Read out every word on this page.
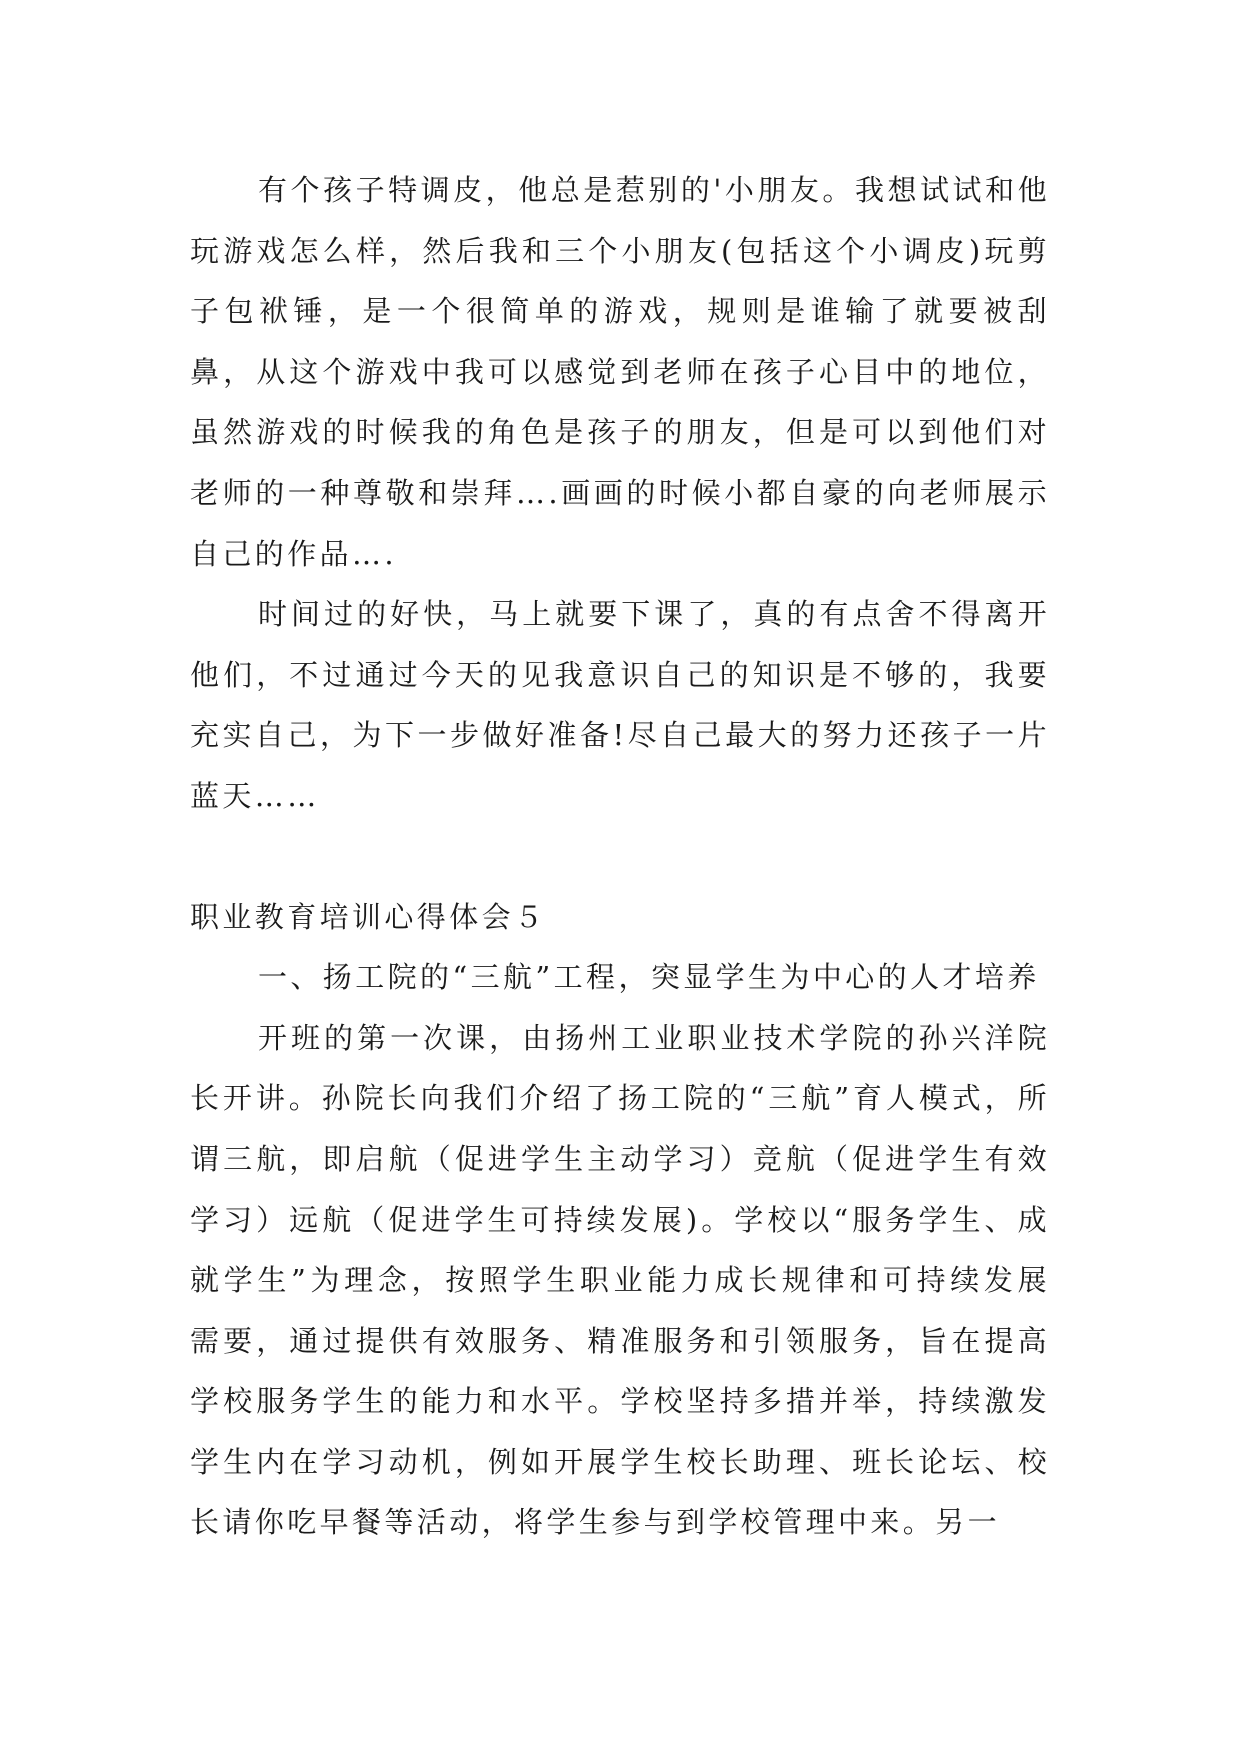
有个孩子特调皮，他总是惹别的'小朋友。我想试试和他玩游戏怎么样，然后我和三个小朋友(包括这个小调皮)玩剪子包袱锤，是一个很简单的游戏，规则是谁输了就要被刮鼻，从这个游戏中我可以感觉到老师在孩子心目中的地位，虽然游戏的时候我的角色是孩子的朋友，但是可以到他们对老师的一种尊敬和崇拜….画画的时候小都自豪的向老师展示自己的作品….

时间过的好快，马上就要下课了，真的有点舍不得离开他们，不过通过今天的见我意识自己的知识是不够的，我要充实自己，为下一步做好准备!尽自己最大的努力还孩子一片蓝天……

职业教育培训心得体会５

一、扬工院的“三航”工程，突显学生为中心的人才培养

开班的第一次课，由扬州工业职业技术学院的孙兴洋院长开讲。孙院长向我们介绍了扬工院的“三航”育人模式，所谓三航，即启航（促进学生主动学习）竞航（促进学生有效学习）远航（促进学生可持续发展)。学校以“服务学生、成就学生”为理念，按照学生职业能力成长规律和可持续发展需要，通过提供有效服务、精准服务和引领服务，旨在提高学校服务学生的能力和水平。学校坚持多措并举，持续激发学生内在学习动机，例如开展学生校长助理、班长论坛、校长请你吃早餐等活动，将学生参与到学校管理中来。另一
